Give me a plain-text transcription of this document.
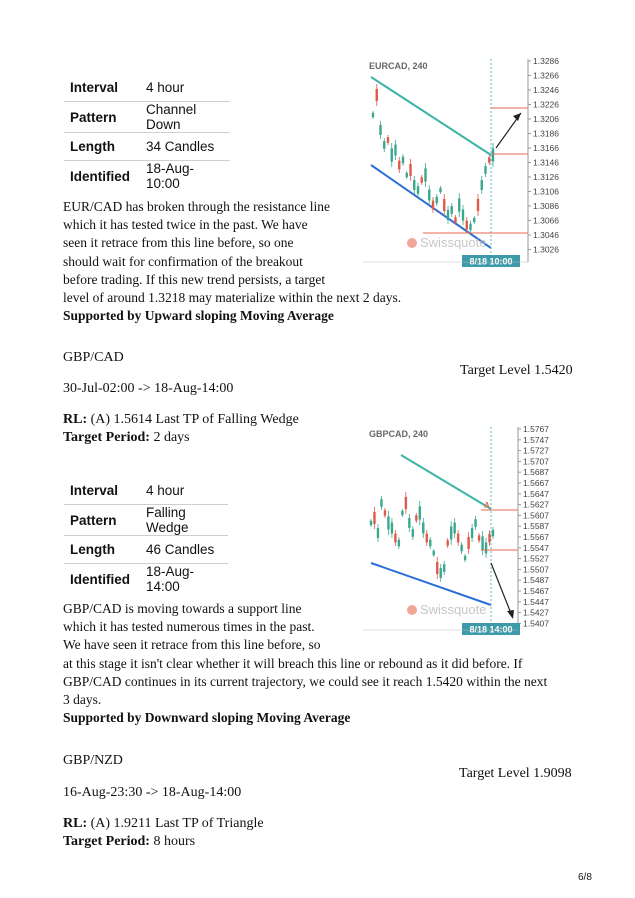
Interval	4 hour
Pattern	Channel Down
Length	34 Candles
Identified	18-Aug-10:00
EURCAD, 240	1.3286
1.3266
1.3246
1.3226
1.3206
1.3186
1.3166
1.3146
1.3126
1.3106
1.3086
1.3066
1.3046
1.3026
Swissquote
8/18 10:00
EUR/CAD has broken through the resistance line
which it has tested twice in the past. We have
seen it retrace from this line before, so one
should wait for confirmation of the breakout
before trading. If this new trend persists, a target
level of around 1.3218 may materialize within the next 2 days.
Supported by Upward sloping Moving Average
GBP/CAD
Target Level 1.5420
30-Jul-02:00 -> 18-Aug-14:00
RL: (A) 1.5614 Last TP of Falling Wedge
Target Period: 2 days
Interval	4 hour
Pattern	Falling Wedge
Length	46 Candles
Identified	18-Aug-14:00
GBPCAD, 240	1.5767
1.5747
1.5727
1.5707
1.5687
1.5667
1.5647
1.5627
1.5607
1.5587
1.5567
1.5547
1.5527
1.5507
1.5487
1.5467
1.5447
1.5427
1.5407
A
Swissquote
8/18 14:00
GBP/CAD is moving towards a support line
which it has tested numerous times in the past.
We have seen it retrace from this line before, so
at this stage it isn't clear whether it will breach this line or rebound as it did before. If
GBP/CAD continues in its current trajectory, we could see it reach 1.5420 within the next
3 days.
Supported by Downward sloping Moving Average
GBP/NZD
Target Level 1.9098
16-Aug-23:30 -> 18-Aug-14:00
RL: (A) 1.9211 Last TP of Triangle
Target Period: 8 hours
6/8
